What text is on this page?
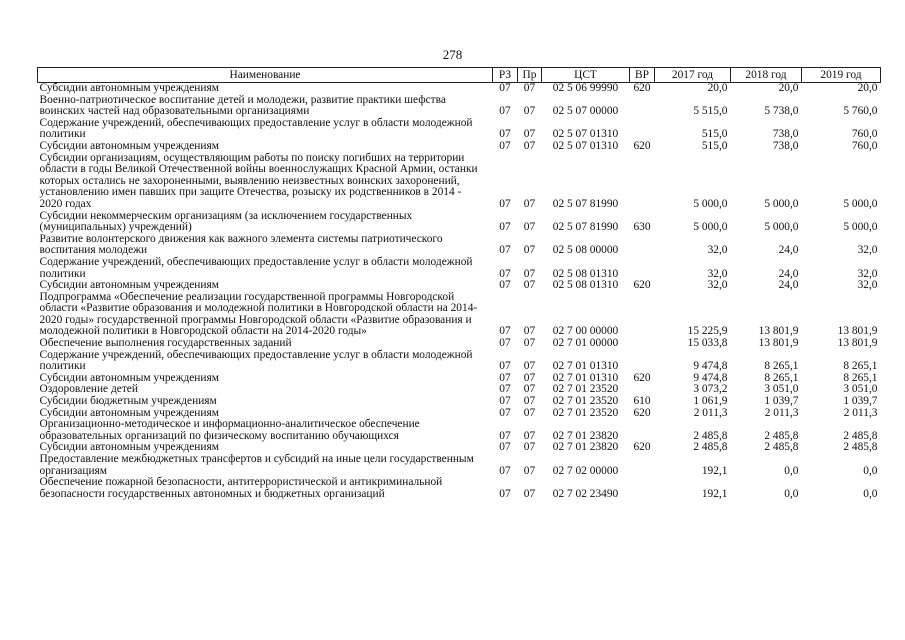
278
Наименование	РЗ	Пр	ЦСТ	ВР	2017 год	2018 год	2019 год
Субсидии автономным учреждениям	07	07	02 5 06 99990	620	20,0	20,0	20,0
Военно-патриотическое воспитание детей и молодежи, развитие практики шефства воинских частей над образовательными организациями	07	07	02 5 07 00000		5 515,0	5 738,0	5 760,0
Содержание учреждений, обеспечивающих предоставление услуг в области молодежной политики	07	07	02 5 07 01310		515,0	738,0	760,0
Субсидии автономным учреждениям	07	07	02 5 07 01310	620	515,0	738,0	760,0
Субсидии организациям, осуществляющим работы по поиску погибших на территории области в годы Великой Отечественной войны военнослужащих Красной Армии, останки которых остались не захороненными, выявлению неизвестных воинских захоронений, установлению имен павших при защите Отечества, розыску их родственников в 2014 - 2020 годах	07	07	02 5 07 81990		5 000,0	5 000,0	5 000,0
Субсидии некоммерческим организациям (за исключением государственных (муниципальных) учреждений)	07	07	02 5 07 81990	630	5 000,0	5 000,0	5 000,0
Развитие волонтерского движения как важного элемента системы патриотического воспитания молодежи	07	07	02 5 08 00000		32,0	24,0	32,0
Содержание учреждений, обеспечивающих предоставление услуг в области молодежной политики	07	07	02 5 08 01310		32,0	24,0	32,0
Субсидии автономным учреждениям	07	07	02 5 08 01310	620	32,0	24,0	32,0
Подпрограмма «Обеспечение реализации государственной программы Новгородской области «Развитие образования и молодежной политики в Новгородской области на 2014-2020 годы» государственной программы Новгородской области «Развитие образования и молодежной политики в Новгородской области на 2014-2020 годы»	07	07	02 7 00 00000		15 225,9	13 801,9	13 801,9
Обеспечение выполнения государственных заданий	07	07	02 7 01 00000		15 033,8	13 801,9	13 801,9
Содержание учреждений, обеспечивающих предоставление услуг в области молодежной политики	07	07	02 7 01 01310		9 474,8	8 265,1	8 265,1
Субсидии автономным учреждениям	07	07	02 7 01 01310	620	9 474,8	8 265,1	8 265,1
Оздоровление детей	07	07	02 7 01 23520		3 073,2	3 051,0	3 051,0
Субсидии бюджетным учреждениям	07	07	02 7 01 23520	610	1 061,9	1 039,7	1 039,7
Субсидии автономным учреждениям	07	07	02 7 01 23520	620	2 011,3	2 011,3	2 011,3
Организационно-методическое и информационно-аналитическое обеспечение образовательных организаций по физическому воспитанию обучающихся	07	07	02 7 01 23820		2 485,8	2 485,8	2 485,8
Субсидии автономным учреждениям	07	07	02 7 01 23820	620	2 485,8	2 485,8	2 485,8
Предоставление межбюджетных трансфертов и субсидий на иные цели государственным организациям	07	07	02 7 02 00000		192,1	0,0	0,0
Обеспечение пожарной безопасности, антитеррористической и антикриминальной безопасности государственных автономных и бюджетных организаций	07	07	02 7 02 23490		192,1	0,0	0,0
